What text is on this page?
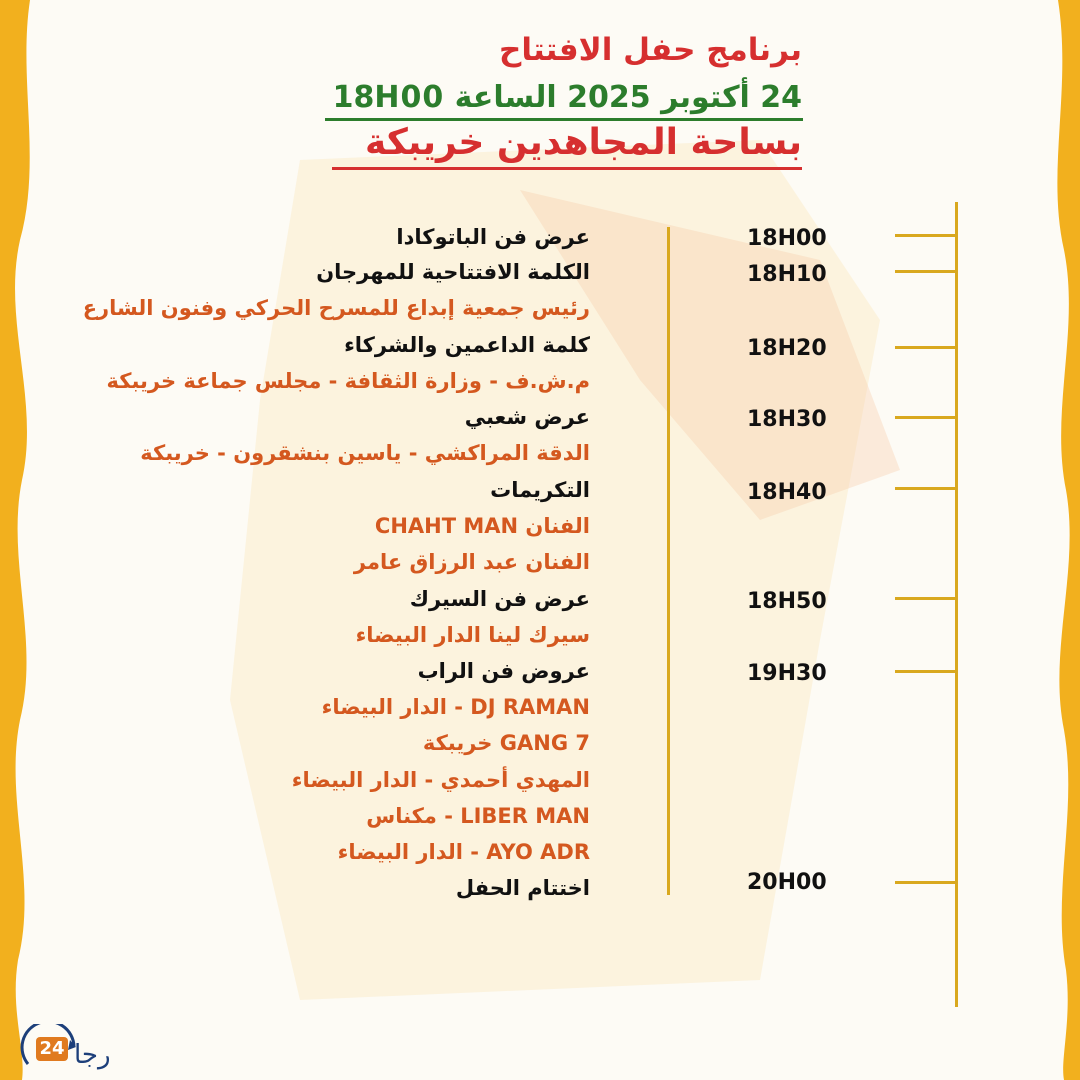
برنامج حفل الافتتاح
24 أكتوبر 2025 الساعة 18H00
بساحة المجاهدين خريبكة
عرض فن الباتوكادا	18H00
الكلمة الافتتاحية للمهرجان	18H10
رئيس جمعية إبداع للمسرح الحركي وفنون الشارع
كلمة الداعمين والشركاء	18H20
م.ش.ف - وزارة الثقافة - مجلس جماعة خريبكة
عرض شعبي	18H30
الدقة المراكشي - ياسين بنشقرون - خريبكة
التكريمات	18H40
الفنان CHAHT MAN
الفنان عبد الرزاق عامر
عرض فن السيرك	18H50
سيرك لينا الدار البيضاء
عروض فن الراب	19H30
DJ RAMAN - الدار البيضاء
7 GANG خريبكة
المهدي أحمدي - الدار البيضاء
LIBER MAN - مكناس
AYO ADR - الدار البيضاء
اختتام الحفل	20H00
24 رجا
